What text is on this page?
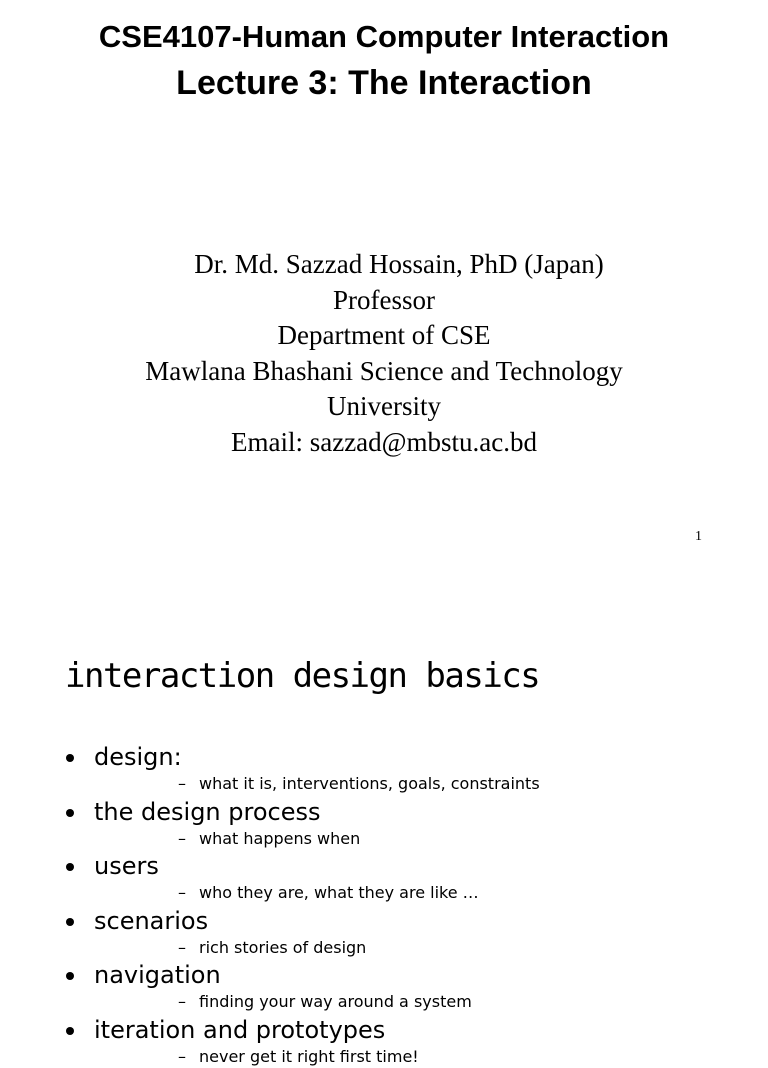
CSE4107-Human Computer Interaction
Lecture 3: The Interaction
Dr. Md. Sazzad Hossain, PhD (Japan)
Professor
Department of CSE
Mawlana Bhashani Science and Technology
University
Email: sazzad@mbstu.ac.bd
1
interaction design basics
design:
– what it is, interventions, goals, constraints
the design process
– what happens when
users
– who they are, what they are like …
scenarios
– rich stories of design
navigation
– finding your way around a system
iteration and prototypes
– never get it right first time!
